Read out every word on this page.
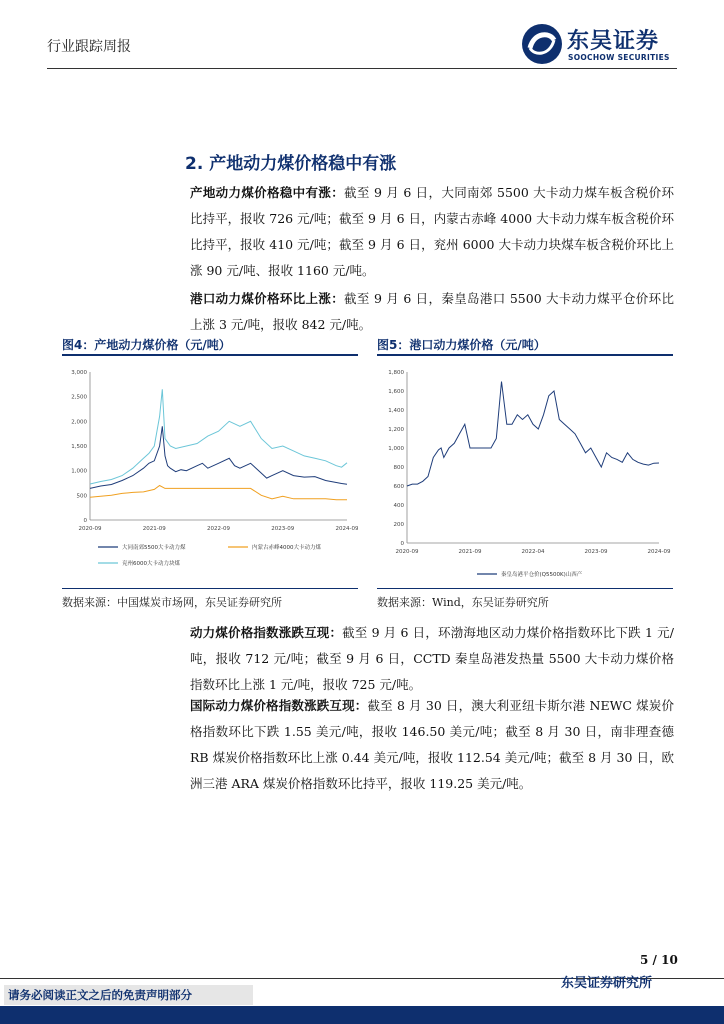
行业跟踪周报	东吴证券
SOOCHOW SECURITIES
2. 产地动力煤价格稳中有涨
产地动力煤价格稳中有涨：截至 9 月 6 日，大同南郊 5500 大卡动力煤车板含税价环比持平，报收 726 元/吨；截至 9 月 6 日，内蒙古赤峰 4000 大卡动力煤车板含税价环比持平，报收 410 元/吨；截至 9 月 6 日，兖州 6000 大卡动力块煤车板含税价环比上涨 90 元/吨、报收 1160 元/吨。
港口动力煤价格环比上涨：截至 9 月 6 日，秦皇岛港口 5500 大卡动力煤平仓价环比上涨 3 元/吨，报收 842 元/吨。
图4：产地动力煤价格（元/吨）
0
500
1,000
1,500
2,000
2,500
3,000
2020-09	2021-09	2022-09	2023-09	2024-09
大同南郊5500大卡动力煤	内蒙古赤峰4000大卡动力煤
兖州6000大卡动力块煤
数据来源：中国煤炭市场网，东吴证券研究所
图5：港口动力煤价格（元/吨）
0
200
400
600
800
1,000
1,200
1,400
1,600
1,800
2020-09	2021-09	2022-04	2023-09	2024-09
秦皇岛港平仓价(Q5500K)山西产
数据来源：Wind，东吴证券研究所
动力煤价格指数涨跌互现：截至 9 月 6 日，环渤海地区动力煤价格指数环比下跌 1 元/吨，报收 712 元/吨；截至 9 月 6 日，CCTD 秦皇岛港发热量 5500 大卡动力煤价格指数环比上涨 1 元/吨，报收 725 元/吨。
国际动力煤价格指数涨跌互现：截至 8 月 30 日，澳大利亚纽卡斯尔港 NEWC 煤炭价格指数环比下跌 1.55 美元/吨，报收 146.50 美元/吨；截至 8 月 30 日，南非理查德 RB 煤炭价格指数环比上涨 0.44 美元/吨，报收 112.54 美元/吨；截至 8 月 30 日，欧洲三港 ARA 煤炭价格指数环比持平，报收 119.25 美元/吨。
5 / 10
东吴证券研究所
请务必阅读正文之后的免责声明部分
